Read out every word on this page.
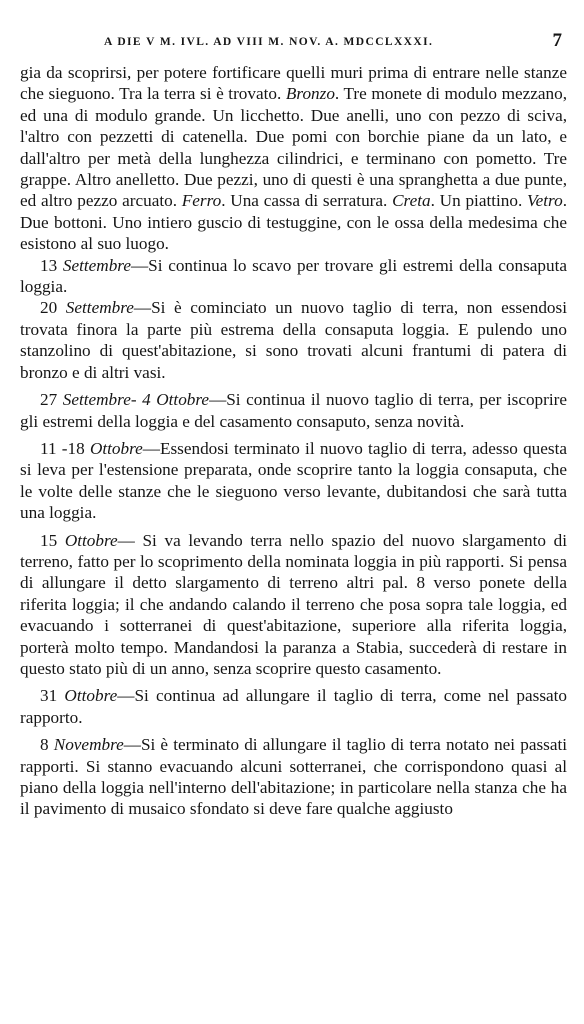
A DIE V M. IVL. AD VIII M. NOV. A. MDCCLXXXI.	7

gia da scoprirsi, per potere fortificare quelli muri prima di entrare nelle stanze che sieguono. Tra la terra si è trovato. Bronzo. Tre monete di modulo mezzano, ed una di modulo grande. Un licchetto. Due anelli, uno con pezzo di sciva, l'altro con pezzetti di catenella. Due pomi con borchie piane da un lato, e dall'altro per metà della lunghezza cilindrici, e terminano con pometto. Tre grappe. Altro anelletto. Due pezzi, uno di questi è una spranghetta a due punte, ed altro pezzo arcuato. Ferro. Una cassa di serratura. Creta. Un piattino. Vetro. Due bottoni. Uno intiero guscio di testuggine, con le ossa della medesima che esistono al suo luogo.

13 Settembre—Si continua lo scavo per trovare gli estremi della consaputa loggia.

20 Settembre—Si è cominciato un nuovo taglio di terra, non essendosi trovata finora la parte più estrema della consaputa loggia. E pulendo uno stanzolino di quest'abitazione, si sono trovati alcuni frantumi di patera di bronzo e di altri vasi.

27 Settembre- 4 Ottobre—Si continua il nuovo taglio di terra, per iscoprire gli estremi della loggia e del casamento consaputo, senza novità.

11 -18 Ottobre—Essendosi terminato il nuovo taglio di terra, adesso questa si leva per l'estensione preparata, onde scoprire tanto la loggia consaputa, che le volte delle stanze che le sieguono verso levante, dubitandosi che sarà tutta una loggia.

15 Ottobre— Si va levando terra nello spazio del nuovo slargamento di terreno, fatto per lo scoprimento della nominata loggia in più rapporti. Si pensa di allungare il detto slargamento di terreno altri pal. 8 verso ponete della riferita loggia; il che andando calando il terreno che posa sopra tale loggia, ed evacuando i sotterranei di quest'abitazione, superiore alla riferita loggia, porterà molto tempo. Mandandosi la paranza a Stabia, succederà di restare in questo stato più di un anno, senza scoprire questo casamento.

31 Ottobre—Si continua ad allungare il taglio di terra, come nel passato rapporto.

8 Novembre—Si è terminato di allungare il taglio di terra notato nei passati rapporti. Si stanno evacuando alcuni sotterranei, che corrispondono quasi al piano della loggia nell'interno dell'abitazione; in particolare nella stanza che ha il pavimento di musaico sfondato si deve fare qualche aggiusto
